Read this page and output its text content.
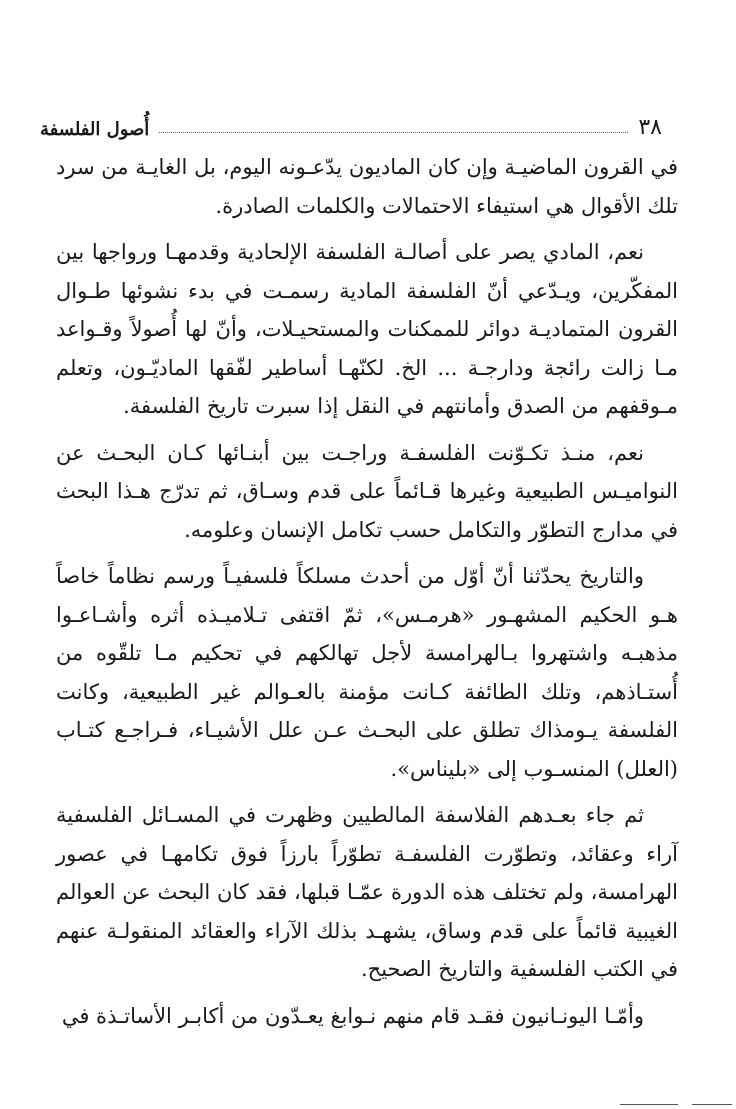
أُصول الفلسفة	٣٨

في القرون الماضيـة وإن كان الماديون يدّعـونه اليوم، بل الغايـة من سرد تلك الأقوال هي استيفاء الاحتمالات والكلمات الصادرة.

نعم، المادي يصر على أصالـة الفلسفة الإلحادية وقدمهـا ورواجها بين المفكّرين، ويـدّعي أنّ الفلسفة المادية رسمـت في بدء نشوئها طـوال القرون المتماديـة دوائر للممكنات والمستحيـلات، وأنّ لها أُصولاً وقـواعد مـا زالت رائجة ودارجـة ... الخ. لكنّهـا أساطير لفّقها الماديّـون، وتعلم مـوقفهم من الصدق وأمانتهم في النقل إذا سبرت تاريخ الفلسفة.

نعم، منـذ تكـوّنت الفلسفـة وراجـت بين أبنـائها كـان البحـث عن النواميـس الطبيعية وغيرها قـائماً على قدم وسـاق، ثم تدرّج هـذا البحث في مدارج التطوّر والتكامل حسب تكامل الإنسان وعلومه.

والتاريخ يحدّثنا أنّ أوّل من أحدث مسلكاً فلسفيـاً ورسم نظاماً خاصاً هـو الحكيم المشهـور «هرمـس»، ثمّ اقتفى تـلاميـذه أثره وأشـاعـوا مذهبـه واشتهروا بـالهرامسة لأجل تهالكهم في تحكيم مـا تلقّوه من أُستـاذهم، وتلك الطائفة كـانت مؤمنة بالعـوالم غير الطبيعية، وكانت الفلسفة يـومذاك تطلق على البحـث عـن علل الأشيـاء، فـراجـع كتـاب (العلل) المنسـوب إلى «بليناس».

ثم جاء بعـدهم الفلاسفة المالطيين وظهرت في المسـائل الفلسفية آراء وعقائد، وتطوّرت الفلسفـة تطوّراً بارزاً فوق تكامهـا في عصور الهرامسة، ولم تختلف هذه الدورة عمّـا قبلها، فقد كان البحث عن العوالم الغيبية قائماً على قدم وساق، يشهـد بذلك الآراء والعقائد المنقولـة عنهم في الكتب الفلسفية والتاريخ الصحيح.

وأمّـا اليونـانيون فقـد قام منهم نـوابغ يعـدّون من أكابـر الأساتـذة في
